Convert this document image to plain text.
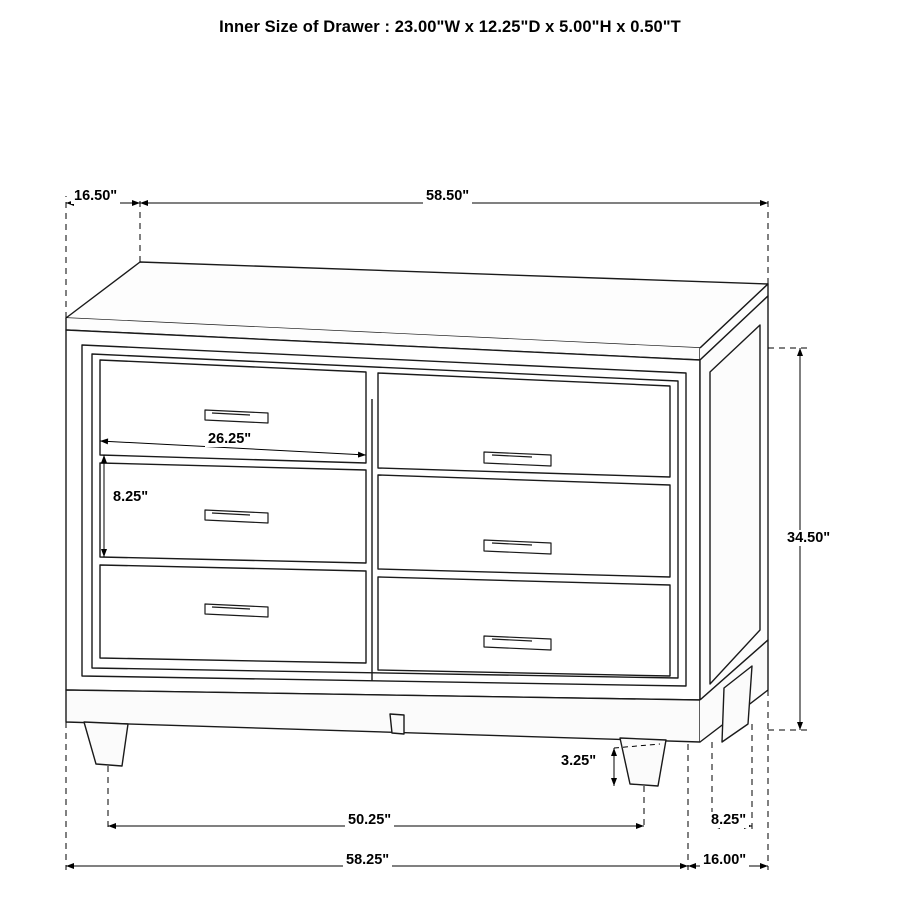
Inner Size of Drawer : 23.00"W x 12.25"D x 5.00"H x 0.50"T
16.50"	58.50"
26.25"
8.25"
34.50"
3.25"
50.25"
58.25"
8.25"
16.00"
